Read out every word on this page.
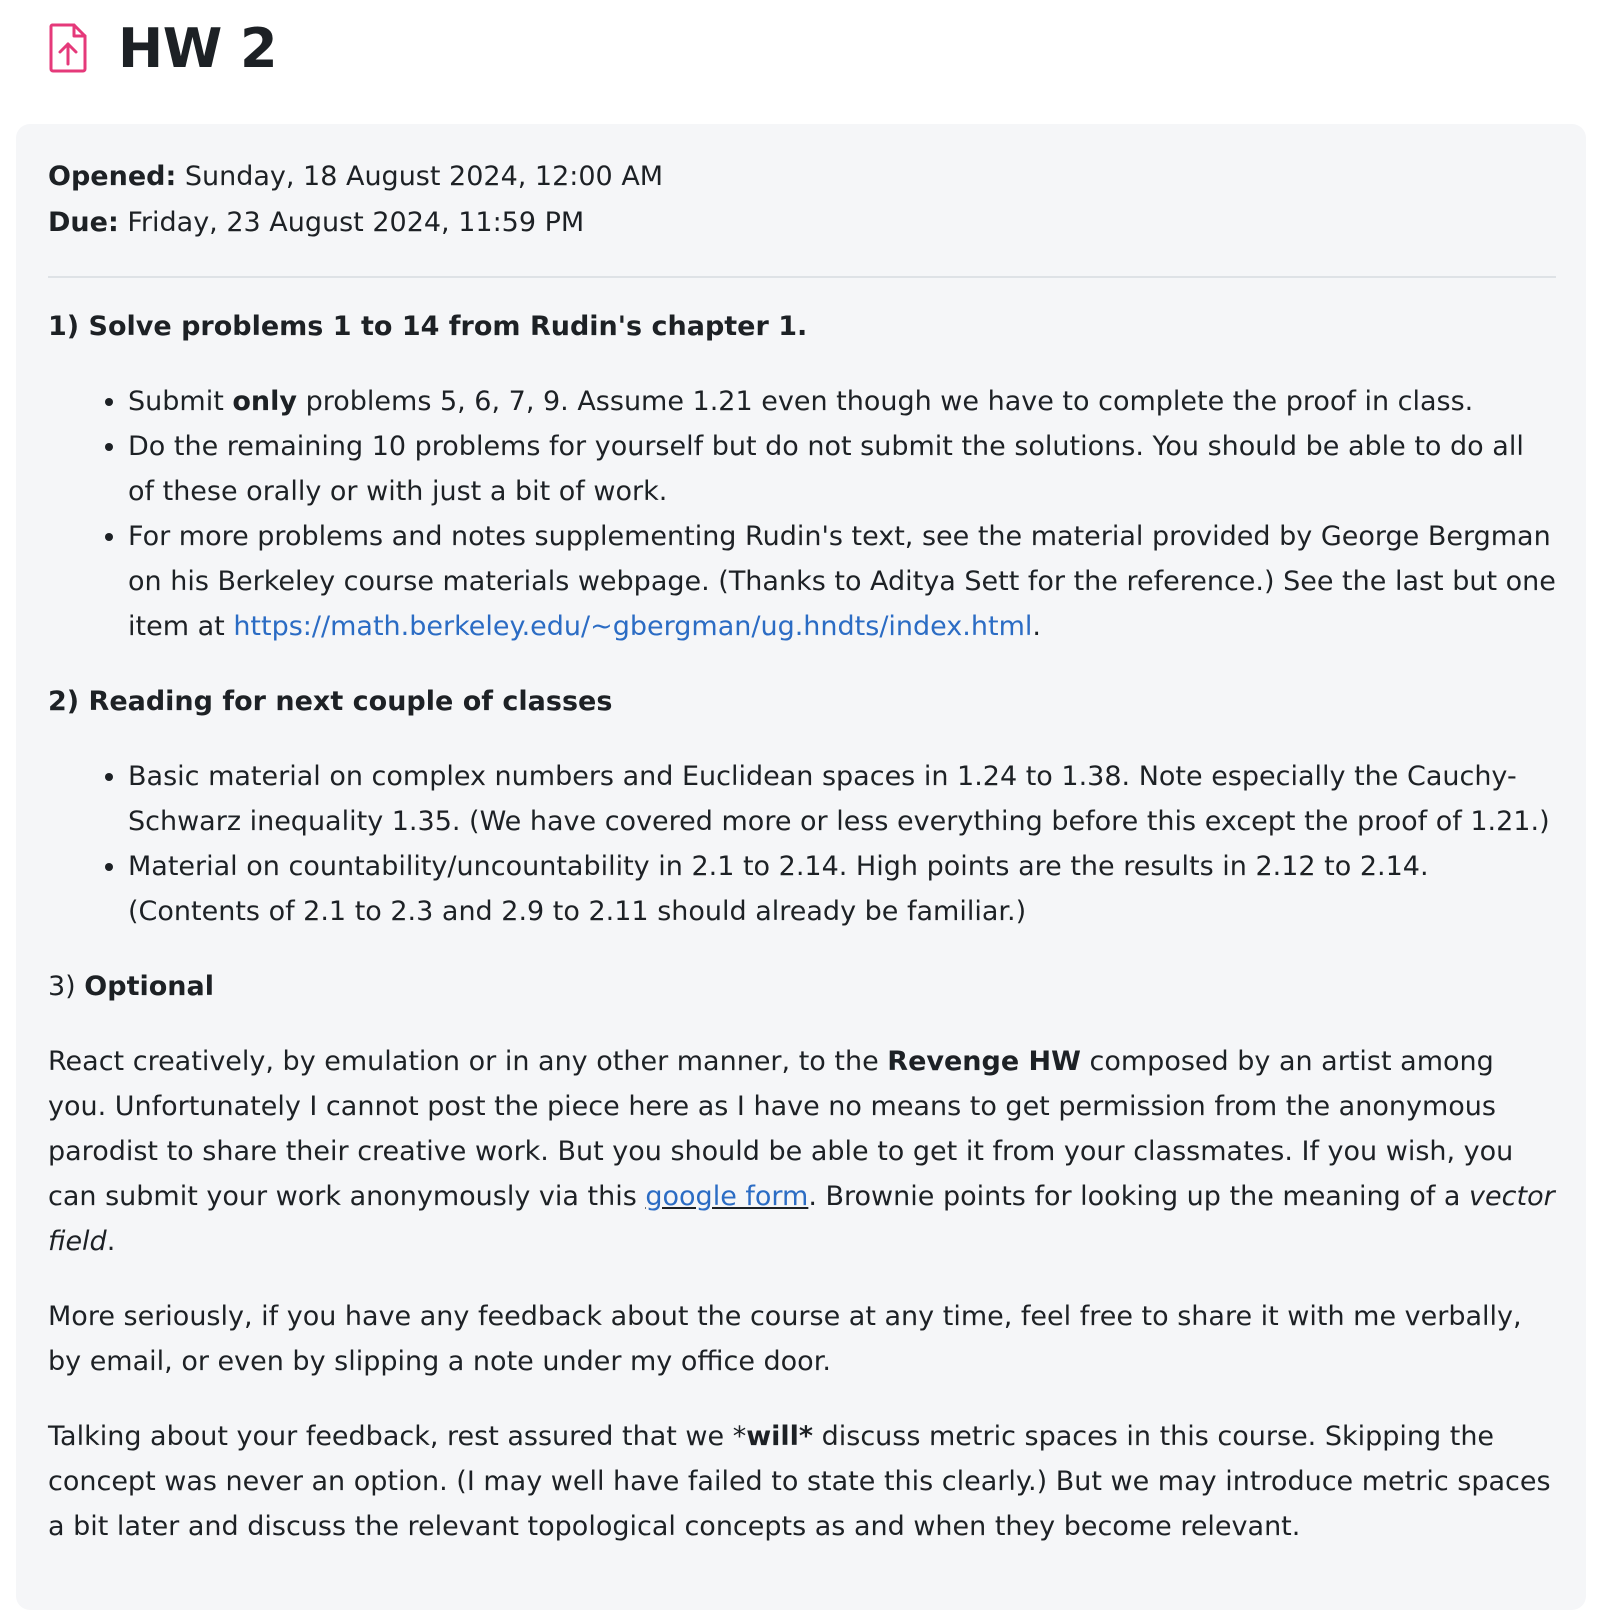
HW 2
Opened: Sunday, 18 August 2024, 12:00 AM
Due: Friday, 23 August 2024, 11:59 PM

1) Solve problems 1 to 14 from Rudin's chapter 1.

• Submit only problems 5, 6, 7, 9. Assume 1.21 even though we have to complete the proof in class.
• Do the remaining 10 problems for yourself but do not submit the solutions. You should be able to do all of these orally or with just a bit of work.
• For more problems and notes supplementing Rudin's text, see the material provided by George Bergman on his Berkeley course materials webpage. (Thanks to Aditya Sett for the reference.) See the last but one item at https://math.berkeley.edu/~gbergman/ug.hndts/index.html.

2) Reading for next couple of classes

• Basic material on complex numbers and Euclidean spaces in 1.24 to 1.38. Note especially the Cauchy-Schwarz inequality 1.35. (We have covered more or less everything before this except the proof of 1.21.)
• Material on countability/uncountability in 2.1 to 2.14. High points are the results in 2.12 to 2.14. (Contents of 2.1 to 2.3 and 2.9 to 2.11 should already be familiar.)

3) Optional

React creatively, by emulation or in any other manner, to the Revenge HW composed by an artist among you. Unfortunately I cannot post the piece here as I have no means to get permission from the anonymous parodist to share their creative work. But you should be able to get it from your classmates. If you wish, you can submit your work anonymously via this google form. Brownie points for looking up the meaning of a vector field.

More seriously, if you have any feedback about the course at any time, feel free to share it with me verbally, by email, or even by slipping a note under my office door.

Talking about your feedback, rest assured that we *will* discuss metric spaces in this course. Skipping the concept was never an option. (I may well have failed to state this clearly.) But we may introduce metric spaces a bit later and discuss the relevant topological concepts as and when they become relevant.
